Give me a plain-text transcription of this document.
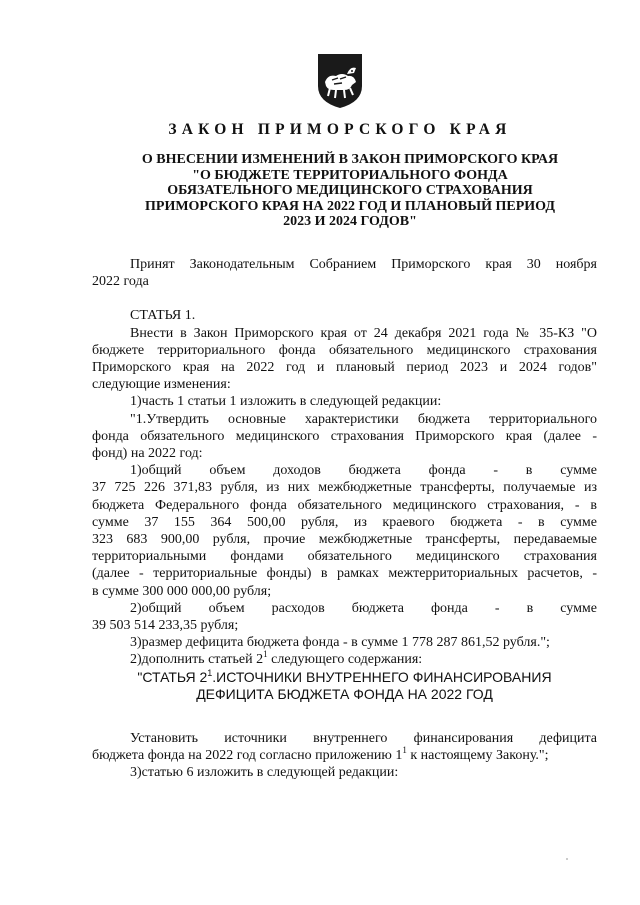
ЗАКОН ПРИМОРСКОГО КРАЯ
О ВНЕСЕНИИ ИЗМЕНЕНИЙ В ЗАКОН ПРИМОРСКОГО КРАЯ
"О БЮДЖЕТЕ ТЕРРИТОРИАЛЬНОГО ФОНДА
ОБЯЗАТЕЛЬНОГО МЕДИЦИНСКОГО СТРАХОВАНИЯ
ПРИМОРСКОГО КРАЯ НА 2022 ГОД И ПЛАНОВЫЙ ПЕРИОД
2023 И 2024 ГОДОВ"

Принят Законодательным Собранием Приморского края 30 ноября

2022 года

СТАТЬЯ 1.

Внести в Закон Приморского края от 24 декабря 2021 года № 35-КЗ "О

бюджете территориального фонда обязательного медицинского страхования

Приморского края на 2022 год и плановый период 2023 и 2024 годов"

следующие изменения:

1)часть 1 статьи 1 изложить в следующей редакции:

"1.Утвердить основные характеристики бюджета территориального

фонда обязательного медицинского страхования Приморского края (далее -

фонд) на 2022 год:

1)общий объем доходов бюджета фонда - в сумме

37 725 226 371,83 рубля, из них межбюджетные трансферты, получаемые из

бюджета Федерального фонда обязательного медицинского страхования, - в

сумме 37 155 364 500,00 рубля, из краевого бюджета - в сумме

323 683 900,00 рубля, прочие межбюджетные трансферты, передаваемые

территориальными фондами обязательного медицинского страхования

(далее - территориальные фонды) в рамках межтерриториальных расчетов, -

в сумме 300 000 000,00 рубля;

2)общий объем расходов бюджета фонда - в сумме

39 503 514 233,35 рубля;

3)размер дефицита бюджета фонда - в сумме 1 778 287 861,52 рубля.";

2)дополнить статьей $2^1$ следующего содержания:

"СТАТЬЯ $2^1.ИСТОЧНИКИ$ ВНУТРЕННЕГО ФИНАНСИРОВАНИЯ
ДЕФИЦИТА БЮДЖЕТА ФОНДА НА 2022 ГОД

Установить источники внутреннего финансирования дефицита

бюджета фонда на 2022 год согласно приложению $1^1$ к настоящему Закону.";

3)статью 6 изложить в следующей редакции:
